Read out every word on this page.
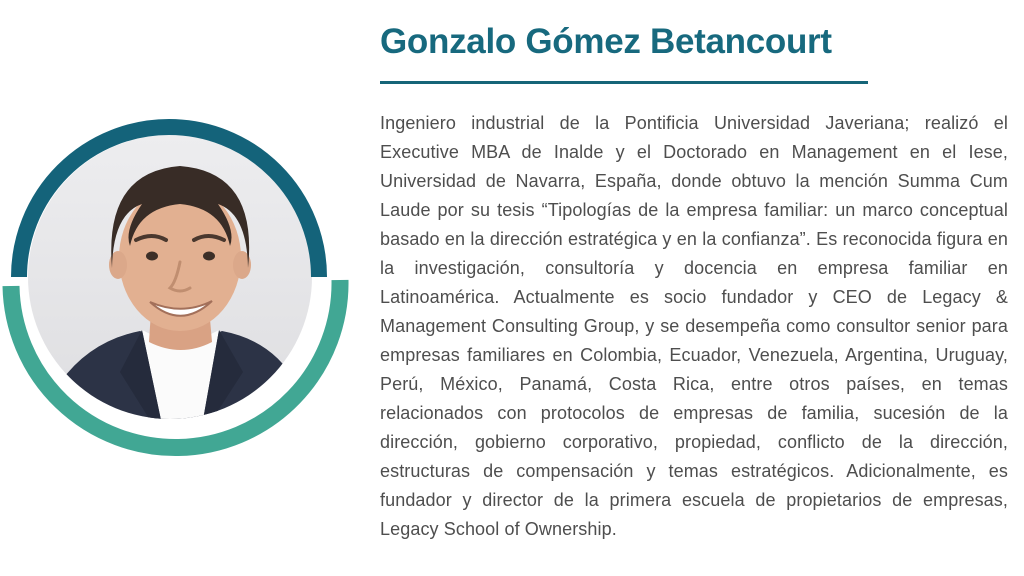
Gonzalo Gómez Betancourt

Ingeniero industrial de la Pontificia Universidad Javeriana; realizó el Executive MBA de Inalde y el Doctorado en Management en el Iese, Universidad de Navarra, España, donde obtuvo la mención Summa Cum Laude por su tesis “Tipologías de la empresa familiar: un marco conceptual basado en la dirección estratégica y en la confianza”. Es reconocida figura en la investigación, consultoría y docencia en empresa familiar en Latinoamérica. Actualmente es socio fundador y CEO de Legacy & Management Consulting Group, y se desempeña como consultor senior para empresas familiares en Colombia, Ecuador, Venezuela, Argentina, Uruguay, Perú, México, Panamá, Costa Rica, entre otros países, en temas relacionados con protocolos de empresas de familia, sucesión de la dirección, gobierno corporativo, propiedad, conflicto de la dirección, estructuras de compensación y temas estratégicos. Adicionalmente, es fundador y director de la primera escuela de propietarios de empresas, Legacy School of Ownership.
